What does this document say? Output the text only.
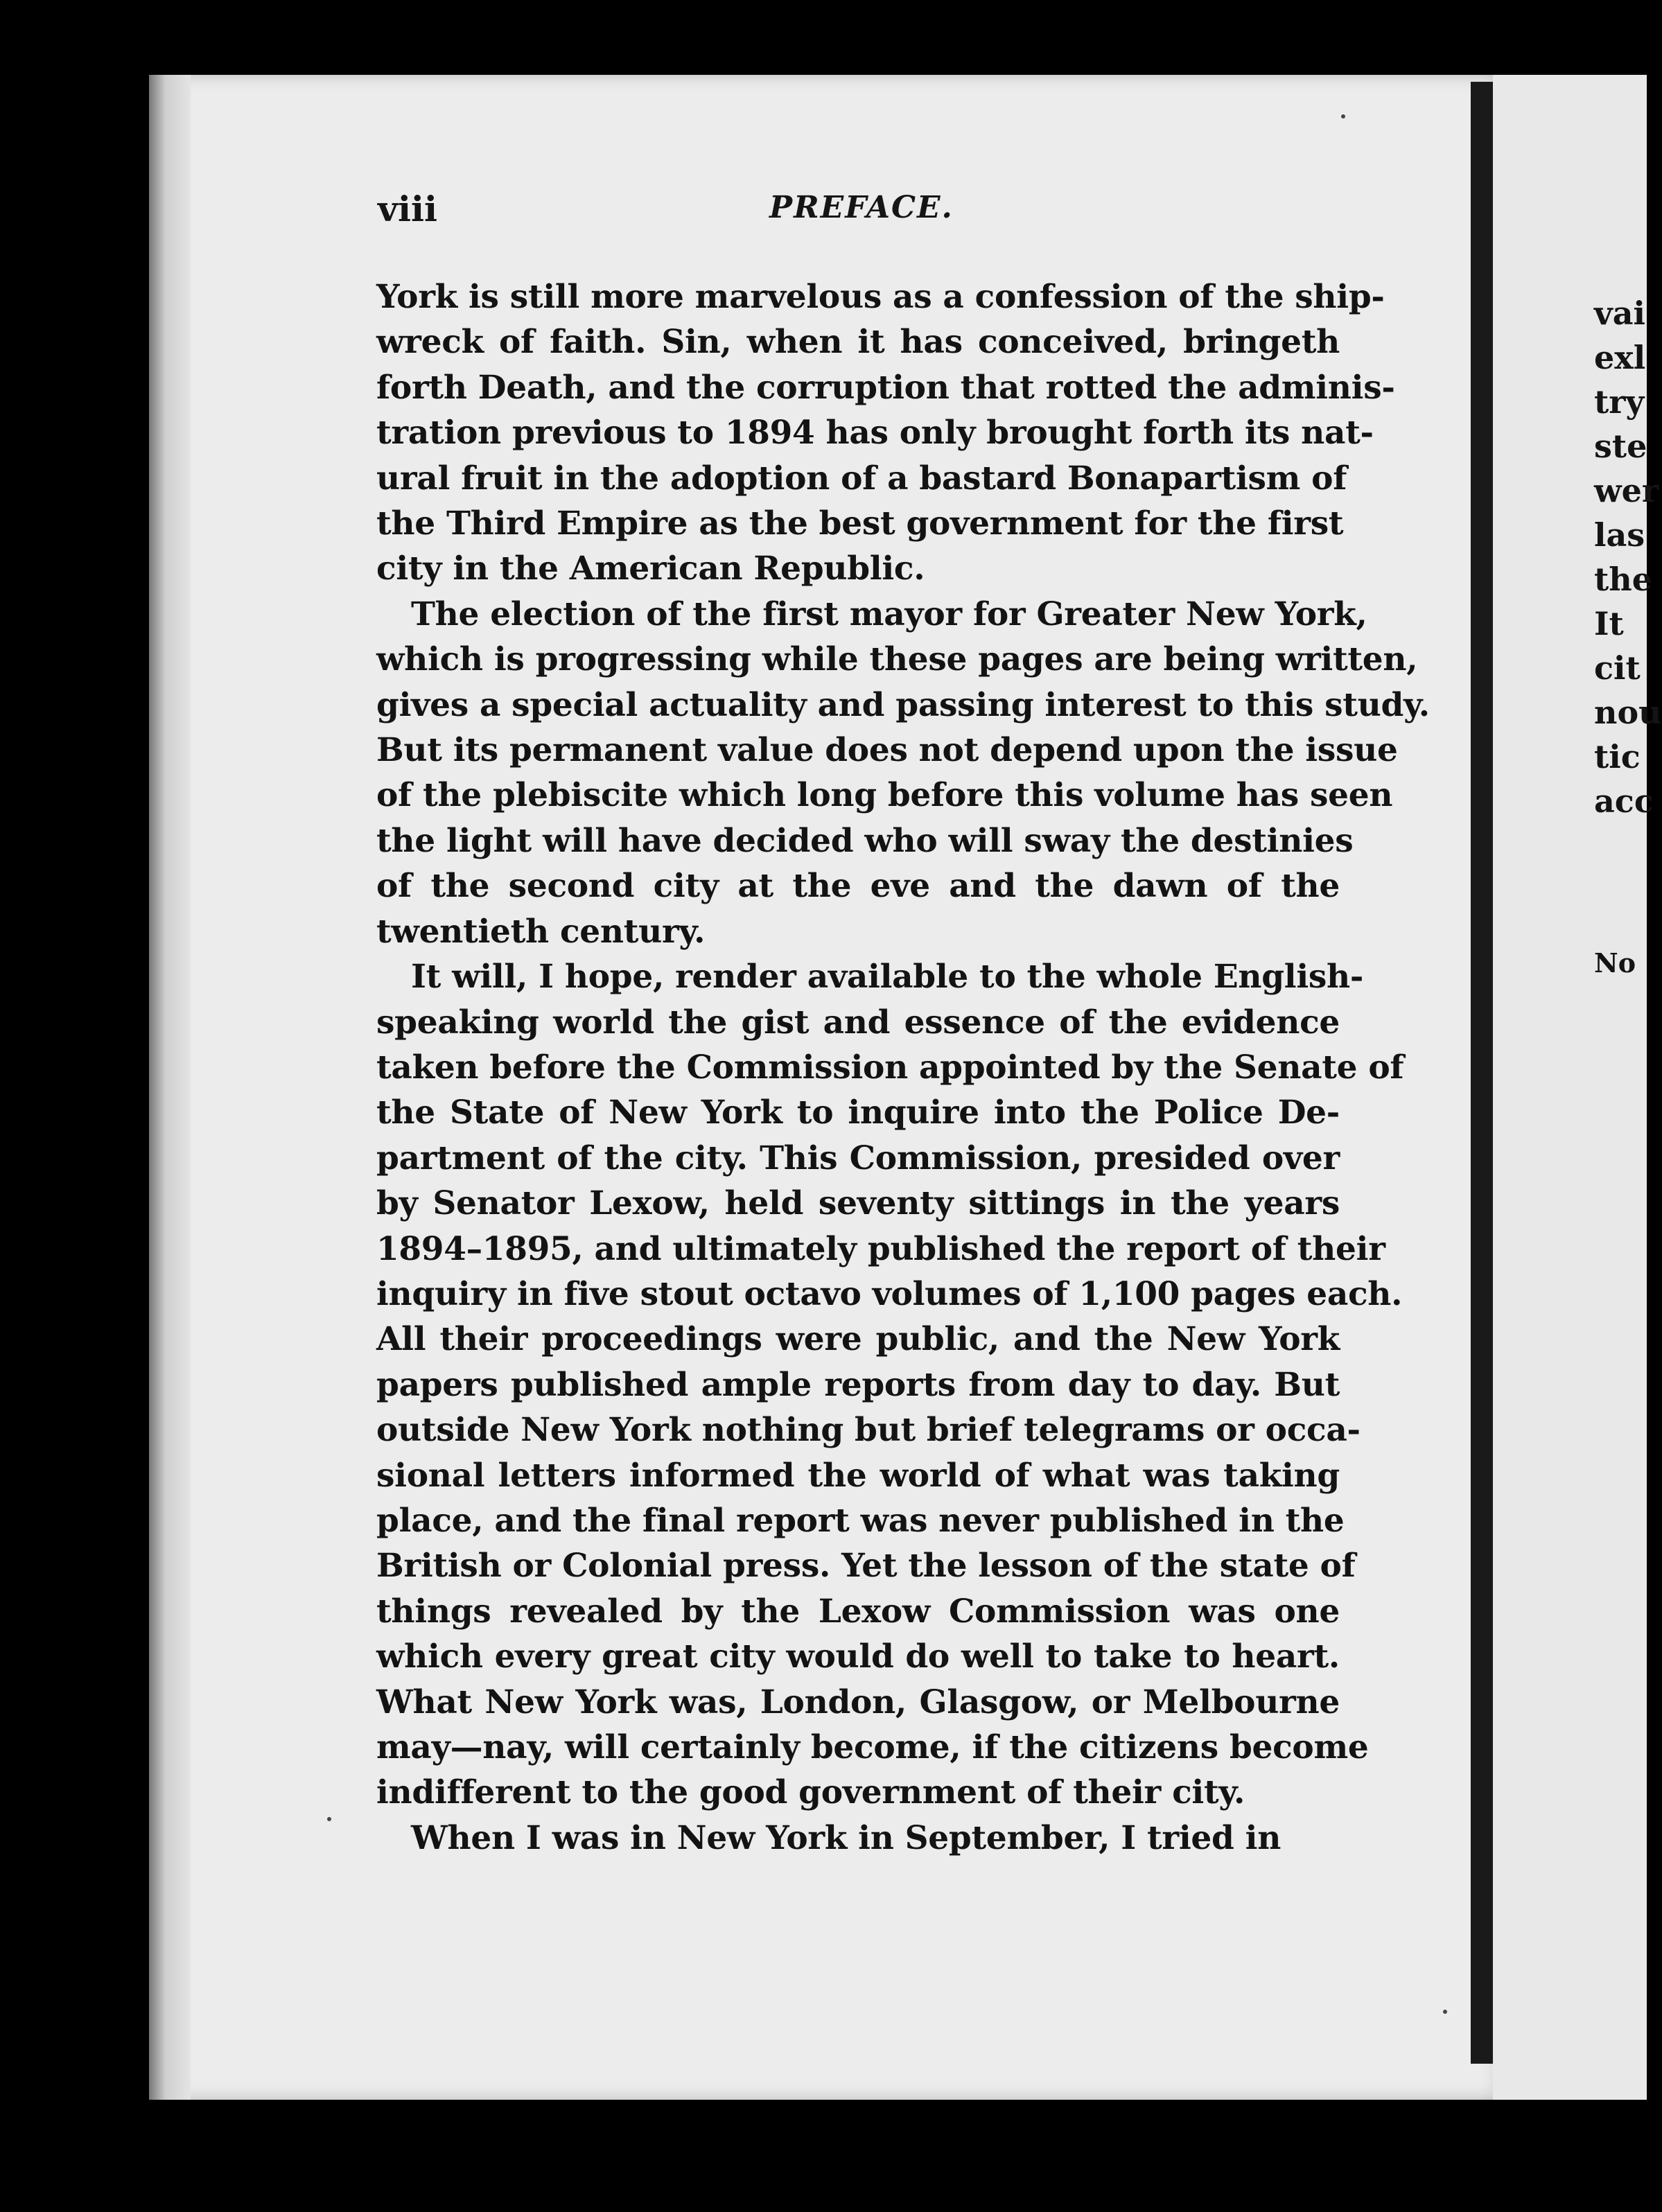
vai
exl
try
ste
wer
las
the
It
cit
nou
tic
acc
No
viii	PREFACE.

York is still more marvelous as a confession of the ship-
wreck of faith. Sin, when it has conceived, bringeth
forth Death, and the corruption that rotted the adminis-
tration previous to 1894 has only brought forth its nat-
ural fruit in the adoption of a bastard Bonapartism of
the Third Empire as the best government for the first
city in the American Republic.

The election of the first mayor for Greater New York,
which is progressing while these pages are being written,
gives a special actuality and passing interest to this study.
But its permanent value does not depend upon the issue
of the plebiscite which long before this volume has seen
the light will have decided who will sway the destinies
of the second city at the eve and the dawn of the
twentieth century.

It will, I hope, render available to the whole English-
speaking world the gist and essence of the evidence
taken before the Commission appointed by the Senate of
the State of New York to inquire into the Police De-
partment of the city. This Commission, presided over
by Senator Lexow, held seventy sittings in the years
1894–1895, and ultimately published the report of their
inquiry in five stout octavo volumes of 1,100 pages each.
All their proceedings were public, and the New York
papers published ample reports from day to day. But
outside New York nothing but brief telegrams or occa-
sional letters informed the world of what was taking
place, and the final report was never published in the
British or Colonial press. Yet the lesson of the state of
things revealed by the Lexow Commission was one
which every great city would do well to take to heart.
What New York was, London, Glasgow, or Melbourne
may—nay, will certainly become, if the citizens become
indifferent to the good government of their city.

When I was in New York in September, I tried in
